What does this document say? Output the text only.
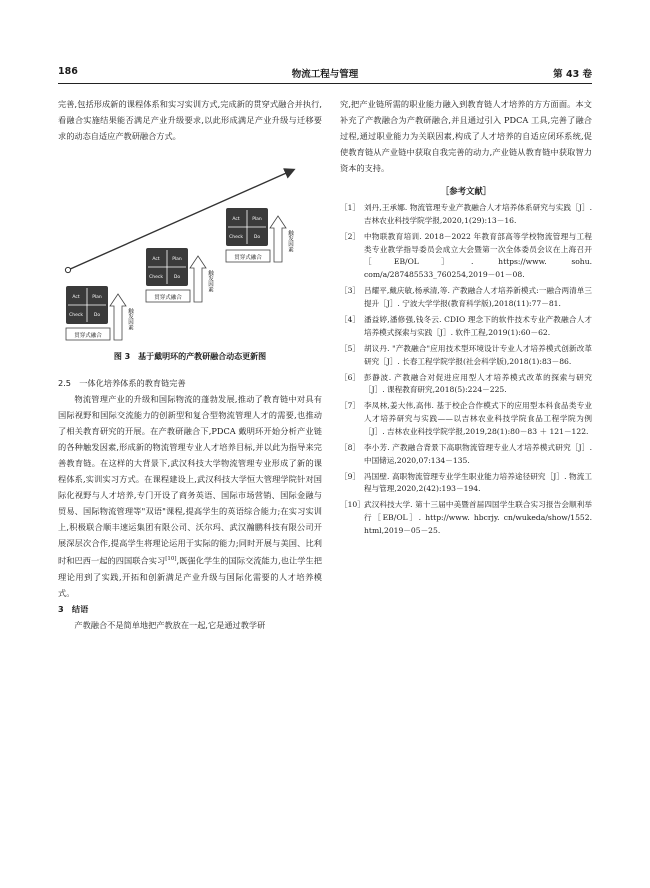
186	物流工程与管理	第 43 卷

完善,包括形成新的课程体系和实习实训方式,完成新的贯穿式融合并执行,看融合实施结果能否满足产业升级要求,以此形成满足产业升级与迁移要求的动态自适应产教研融合方式。

Act	Plan
Check Do
贯穿式融合
触发因素
Act	Plan
Check Do
贯穿式融合
触发因素
Act	Plan
Check Do
贯穿式融合
触发因素
图 3　基于戴明环的产教研融合动态更新图

2.5　一体化培养体系的教育链完善

物流管理产业的升级和国际物流的蓬勃发展,推动了教育链中对具有国际视野和国际交流能力的创新型和复合型物流管理人才的需要,也推动了相关教育研究的开展。在产教研融合下,PDCA 戴明环开始分析产业链的各种触发因素,形成新的物流管理专业人才培养目标,并以此为指导来完善教育链。在这样的大背景下,武汉科技大学物流管理专业形成了新的课程体系,实训实习方式。在课程建设上,武汉科技大学恒大管理学院针对国际化视野与人才培养,专门开设了商务英语、国际市场营销、国际金融与贸易、国际物流管理等"双语"课程,提高学生的英语综合能力;在实习实训上,积极联合顺丰速运集团有限公司、沃尔玛、武汉瀚鹏科技有限公司开展深层次合作,提高学生将理论运用于实际的能力;同时开展与美国、比利时和巴西一起的四国联合实习[10],既强化学生的国际交流能力,也让学生把理论用到了实践,开拓和创新满足产业升级与国际化需要的人才培养模式。

3　 结语

产教融合不是简单地把产教放在一起,它是通过教学研

究,把产业链所需的职业能力融入到教育链人才培养的方方面面。本文补充了产教融合为产教研融合,并且通过引入 PDCA 工具,完善了融合过程,通过职业能力为关联因素,构成了人才培养的自适应闭环系统,促使教育链从产业链中获取自我完善的动力,产业链从教育链中获取智力资本的支持。

［参考文献］
［1］ 刘丹,王承娜. 物流管理专业产教融合人才培养体系研究与实践［J］. 吉林农业科技学院学报,2020,1(29):13－16.
［2］ 中物联教育培训. 2018－2022 年教育部高等学校物流管理与工程类专业教学指导委员会成立大会暨第一次全体委员会议在上海召开［EB/OL］. https://www. sohu. com/a/287485533_760254,2019－01－08.
［3］ 吕耀平,戴庆敏,杨承清,等. 产教融合人才培养新模式:一融合两清单三提升［J］. 宁波大学学报(教育科学版),2018(11):77－81.
［4］ 潘益婷,潘修强,钱冬云. CDIO 理念下的软件技术专业产教融合人才培养模式探索与实践［J］. 软件工程,2019(1):60－62.
［5］ 胡议丹. "产教融合"应用技术型环境设计专业人才培养模式创新改革研究［J］. 长春工程学院学报(社会科学版),2018(1):83－86.
［6］ 彭静波. 产教融合对促进应用型人才培养模式改革的探索与研究［J］. 课程教育研究,2018(5):224－225.
［7］ 李凤林,姜大伟,高伟. 基于校企合作模式下的应用型本科食品类专业人才培养研究与实践——以吉林农业科技学院食品工程学院为例［J］. 吉林农业科技学院学报,2019,28(1):80－83 ＋ 121－122.
［8］ 李小芳. 产教融合背景下高职物流管理专业人才培养模式研究［J］. 中国储运,2020,07:134－135.
［9］ 冯国壁. 高职物流管理专业学生职业能力培养途径研究［J］. 物流工程与管理,2020,2(42):193－194.
［10］ 武汉科技大学. 第十三届中美暨首届四国学生联合实习报告会顺利举行［EB/OL］. http://www. hbcrjy. cn/wukeda/show/1552. html,2019－05－25.
